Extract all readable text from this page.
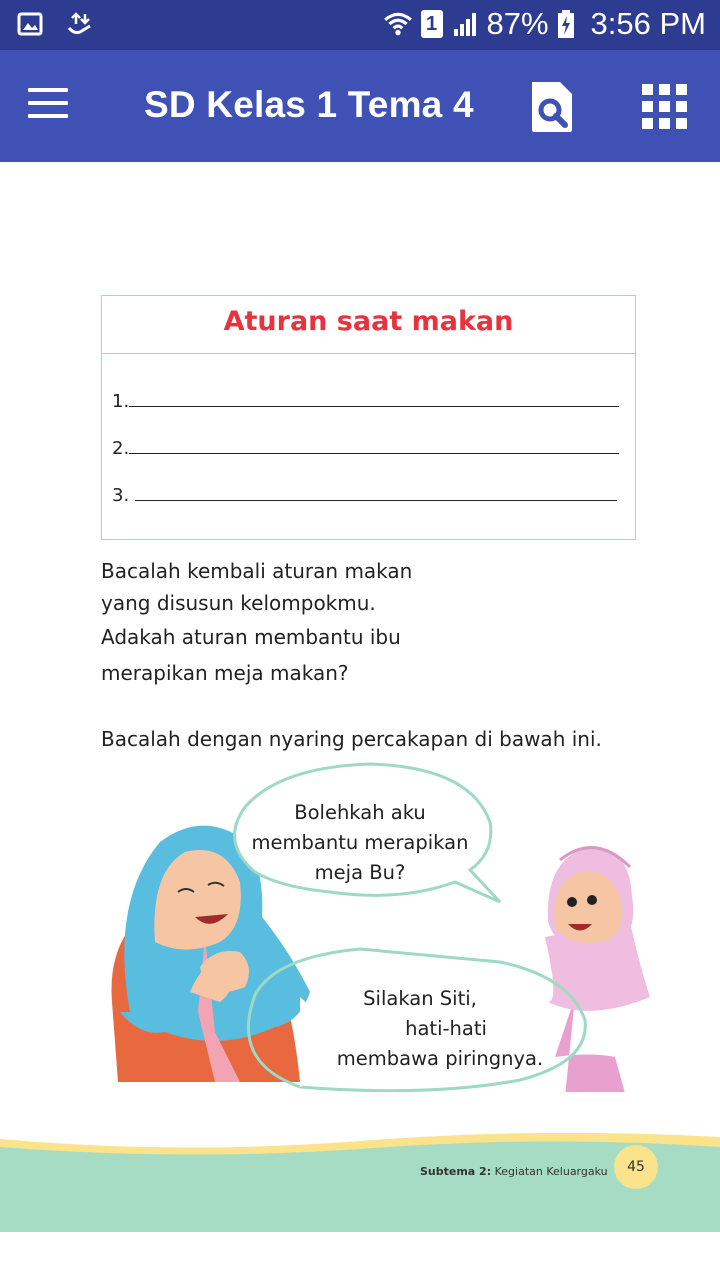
1 87% 3:56 PM
SD Kelas 1 Tema 4
Aturan saat makan
1.
2.
3.
Bacalah kembali aturan makan
yang disusun kelompokmu.
Adakah aturan membantu ibu
merapikan meja makan?
Bacalah dengan nyaring percakapan di bawah ini.
Bolehkah aku
membantu merapikan
meja Bu?
Silakan Siti,
hati-hati
membawa piringnya.
Subtema 2: Kegiatan Keluargaku	45
